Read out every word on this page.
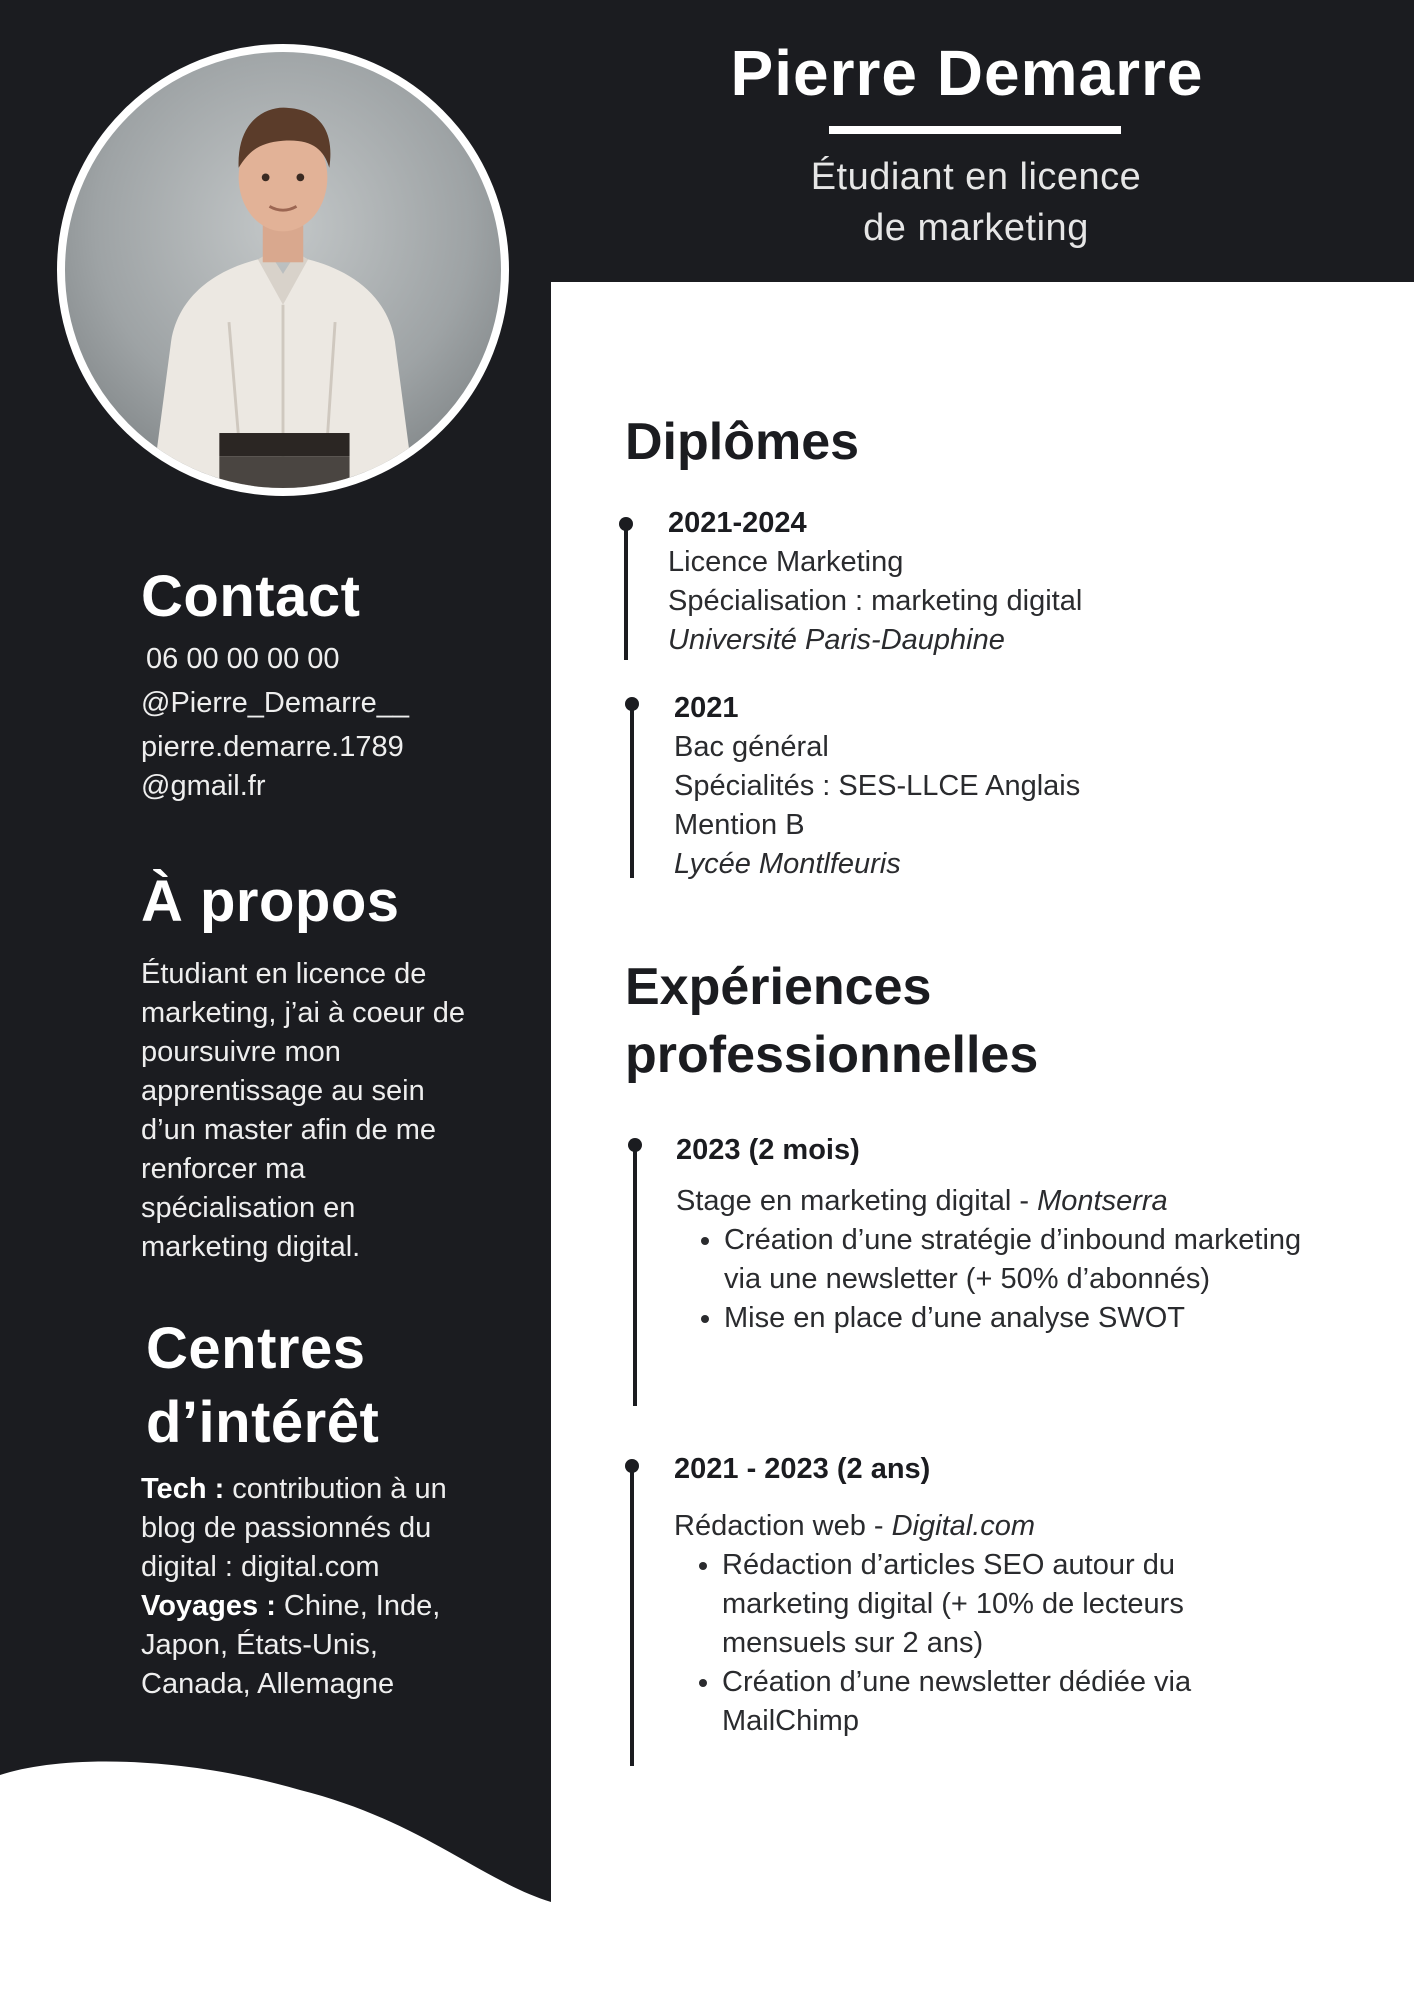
Pierre Demarre
Étudiant en licence
de marketing
Contact

06 00 00 00 00

@Pierre_Demarre__

pierre.demarre.1789
@gmail.fr

À propos

Étudiant en licence de

marketing, j’ai à coeur de

poursuivre mon

apprentissage au sein

d’un master afin de me

renforcer ma

spécialisation en

marketing digital.

Centres
d’intérêt

Tech : contribution à un

blog de passionnés du

digital : digital.com

Voyages : Chine, Inde,

Japon, États-Unis,

Canada, Allemagne

Diplômes

2021-2024

Licence Marketing

Spécialisation : marketing digital

Université Paris-Dauphine

2021

Bac général

Spécialités : SES-LLCE Anglais

Mention B

Lycée Montlfeuris

Expériences
professionnelles

2023 (2 mois)

Stage en marketing digital - Montserra

• Création d’une stratégie d’inbound marketing via une newsletter (+ 50% d’abonnés)
• Mise en place d’une analyse SWOT

2021 - 2023 (2 ans)

Rédaction web - Digital.com

• Rédaction d’articles SEO autour du marketing digital (+ 10% de lecteurs mensuels sur 2 ans)
• Création d’une newsletter dédiée via MailChimp
